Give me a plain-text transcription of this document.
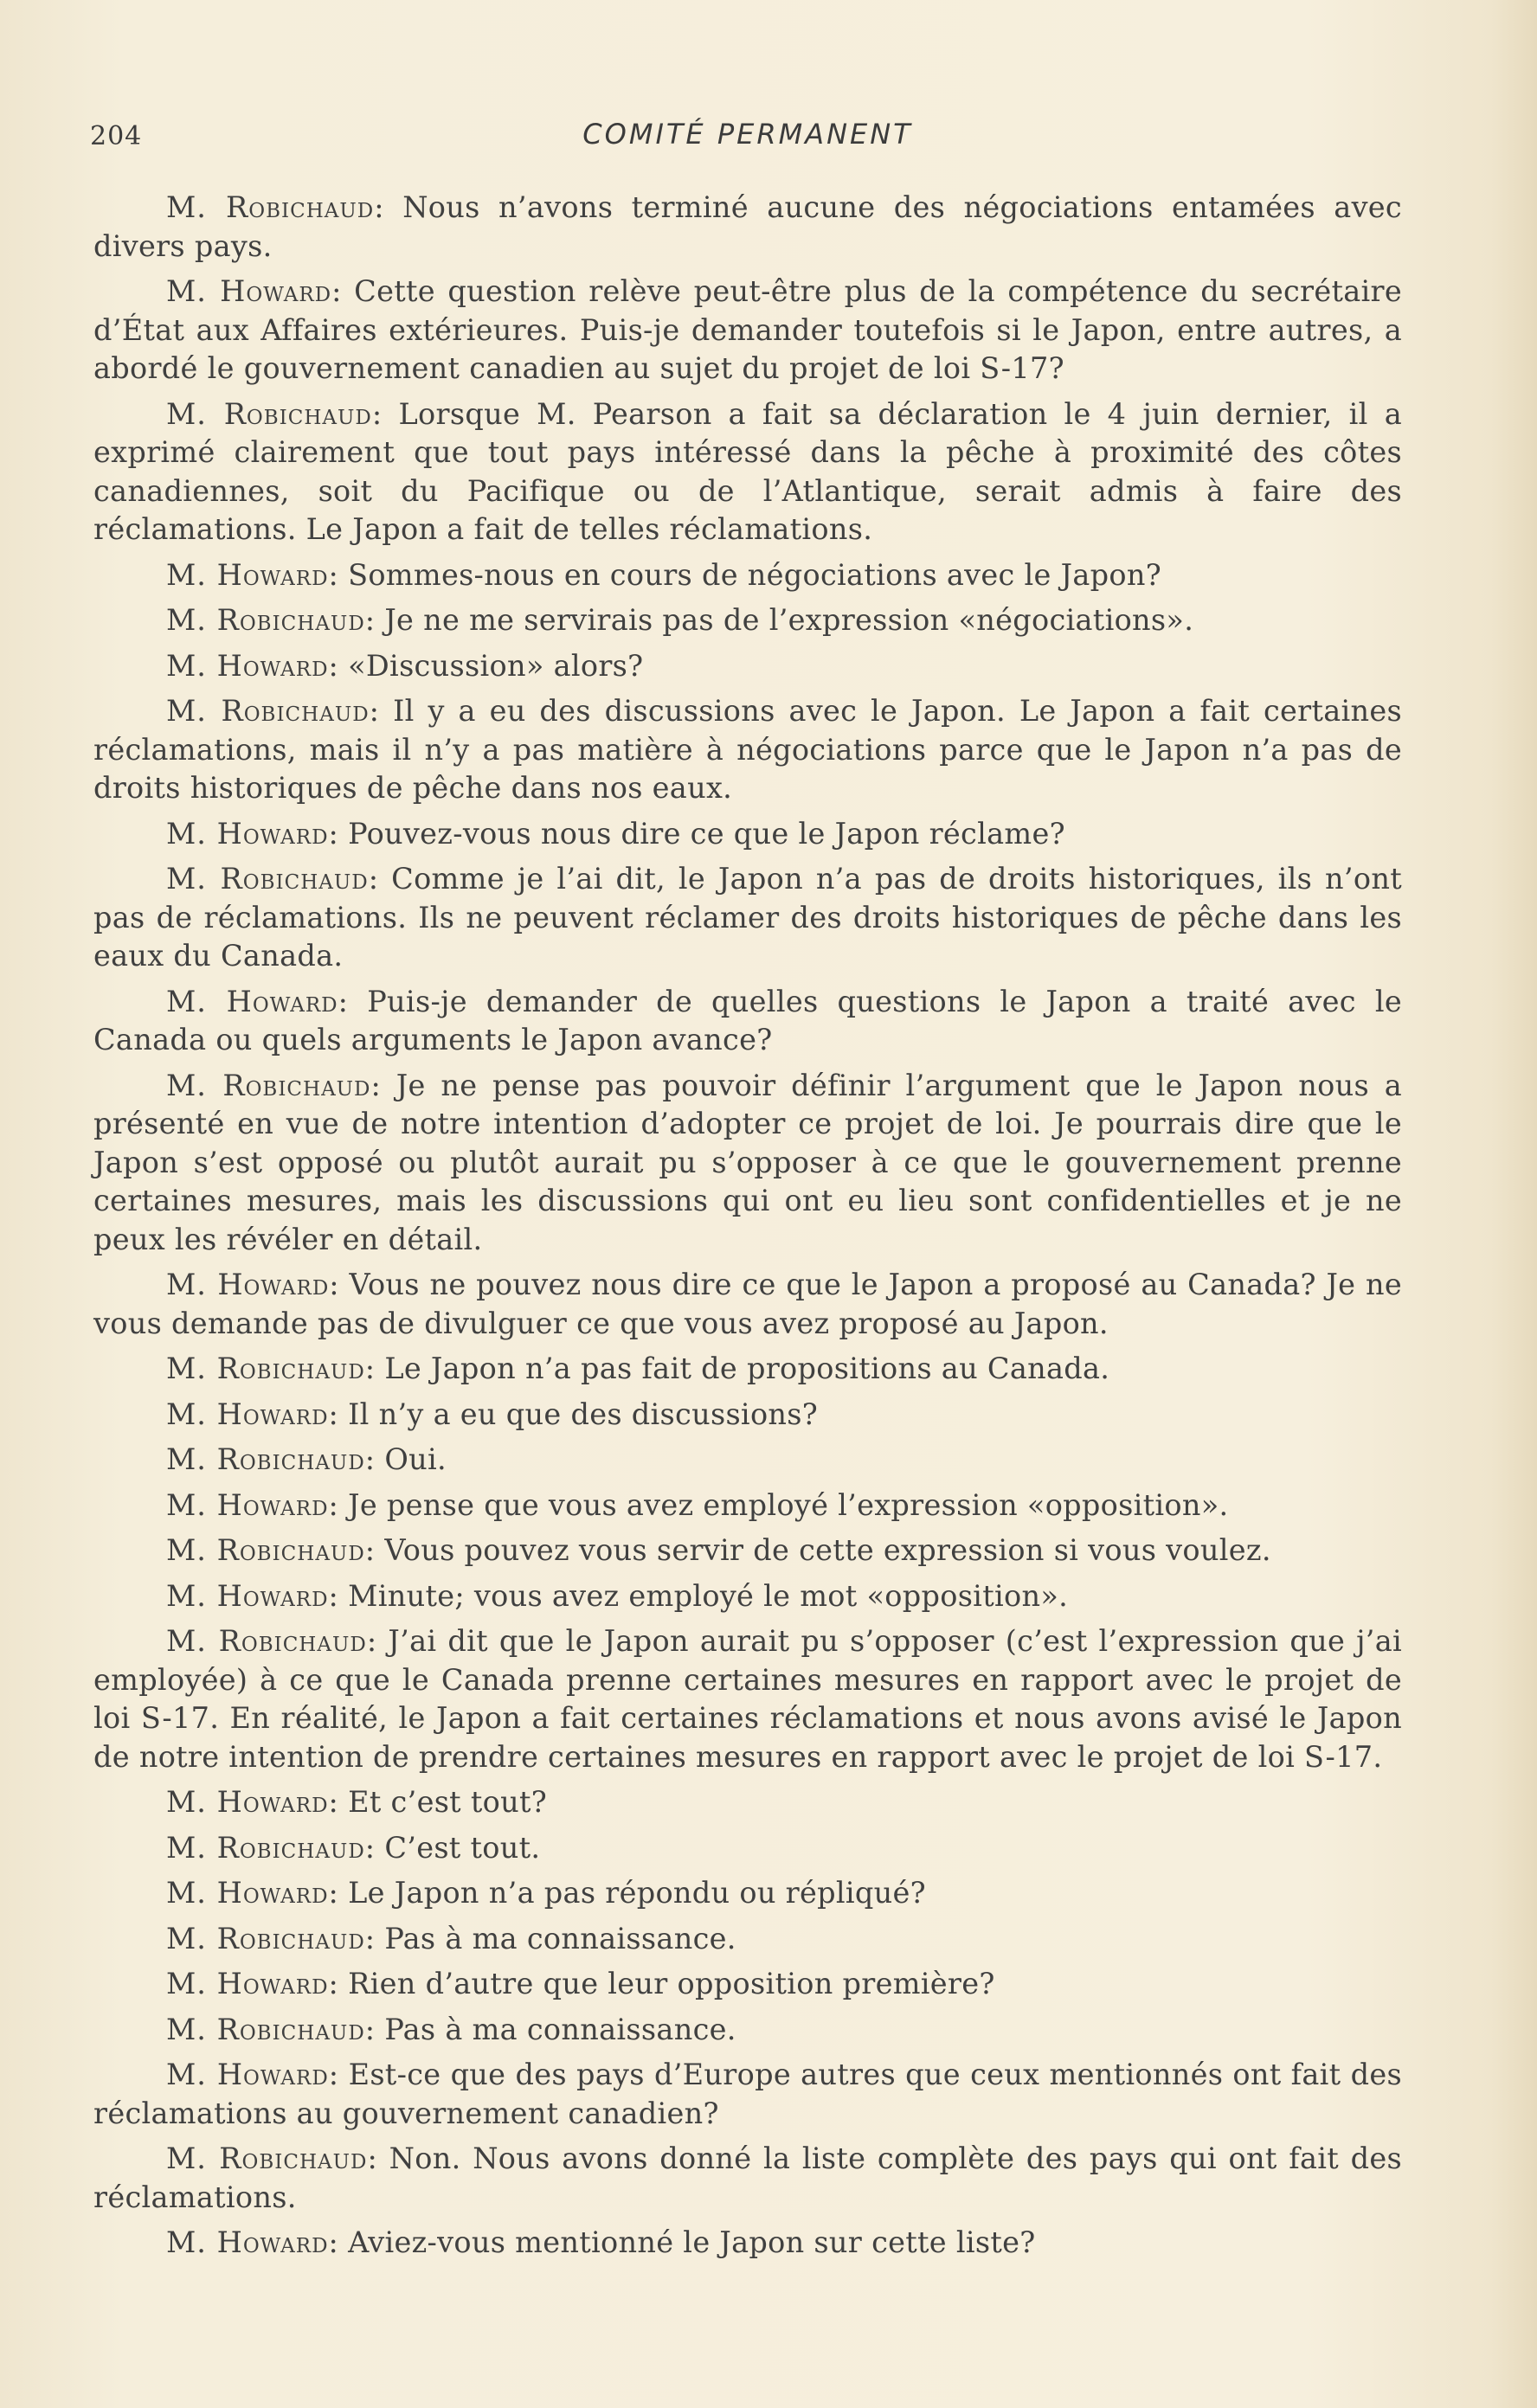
204	COMITÉ PERMANENT

M. Robichaud: Nous n’avons terminé aucune des négociations entamées avec divers pays.

M. Howard: Cette question relève peut-être plus de la compétence du secrétaire d’État aux Affaires extérieures. Puis-je demander toutefois si le Japon, entre autres, a abordé le gouvernement canadien au sujet du projet de loi S-17?

M. Robichaud: Lorsque M. Pearson a fait sa déclaration le 4 juin dernier, il a exprimé clairement que tout pays intéressé dans la pêche à proximité des côtes canadiennes, soit du Pacifique ou de l’Atlantique, serait admis à faire des réclamations. Le Japon a fait de telles réclamations.

M. Howard: Sommes-nous en cours de négociations avec le Japon?

M. Robichaud: Je ne me servirais pas de l’expression «négociations».

M. Howard: «Discussion» alors?

M. Robichaud: Il y a eu des discussions avec le Japon. Le Japon a fait certaines réclamations, mais il n’y a pas matière à négociations parce que le Japon n’a pas de droits historiques de pêche dans nos eaux.

M. Howard: Pouvez-vous nous dire ce que le Japon réclame?

M. Robichaud: Comme je l’ai dit, le Japon n’a pas de droits historiques, ils n’ont pas de réclamations. Ils ne peuvent réclamer des droits historiques de pêche dans les eaux du Canada.

M. Howard: Puis-je demander de quelles questions le Japon a traité avec le Canada ou quels arguments le Japon avance?

M. Robichaud: Je ne pense pas pouvoir définir l’argument que le Japon nous a présenté en vue de notre intention d’adopter ce projet de loi. Je pourrais dire que le Japon s’est opposé ou plutôt aurait pu s’opposer à ce que le gouvernement prenne certaines mesures, mais les discussions qui ont eu lieu sont confidentielles et je ne peux les révéler en détail.

M. Howard: Vous ne pouvez nous dire ce que le Japon a proposé au Canada? Je ne vous demande pas de divulguer ce que vous avez proposé au Japon.

M. Robichaud: Le Japon n’a pas fait de propositions au Canada.

M. Howard: Il n’y a eu que des discussions?

M. Robichaud: Oui.

M. Howard: Je pense que vous avez employé l’expression «opposition».

M. Robichaud: Vous pouvez vous servir de cette expression si vous voulez.

M. Howard: Minute; vous avez employé le mot «opposition».

M. Robichaud: J’ai dit que le Japon aurait pu s’opposer (c’est l’expression que j’ai employée) à ce que le Canada prenne certaines mesures en rapport avec le projet de loi S-17. En réalité, le Japon a fait certaines réclamations et nous avons avisé le Japon de notre intention de prendre certaines mesures en rapport avec le projet de loi S-17.

M. Howard: Et c’est tout?

M. Robichaud: C’est tout.

M. Howard: Le Japon n’a pas répondu ou répliqué?

M. Robichaud: Pas à ma connaissance.

M. Howard: Rien d’autre que leur opposition première?

M. Robichaud: Pas à ma connaissance.

M. Howard: Est-ce que des pays d’Europe autres que ceux mentionnés ont fait des réclamations au gouvernement canadien?

M. Robichaud: Non. Nous avons donné la liste complète des pays qui ont fait des réclamations.

M. Howard: Aviez-vous mentionné le Japon sur cette liste?
